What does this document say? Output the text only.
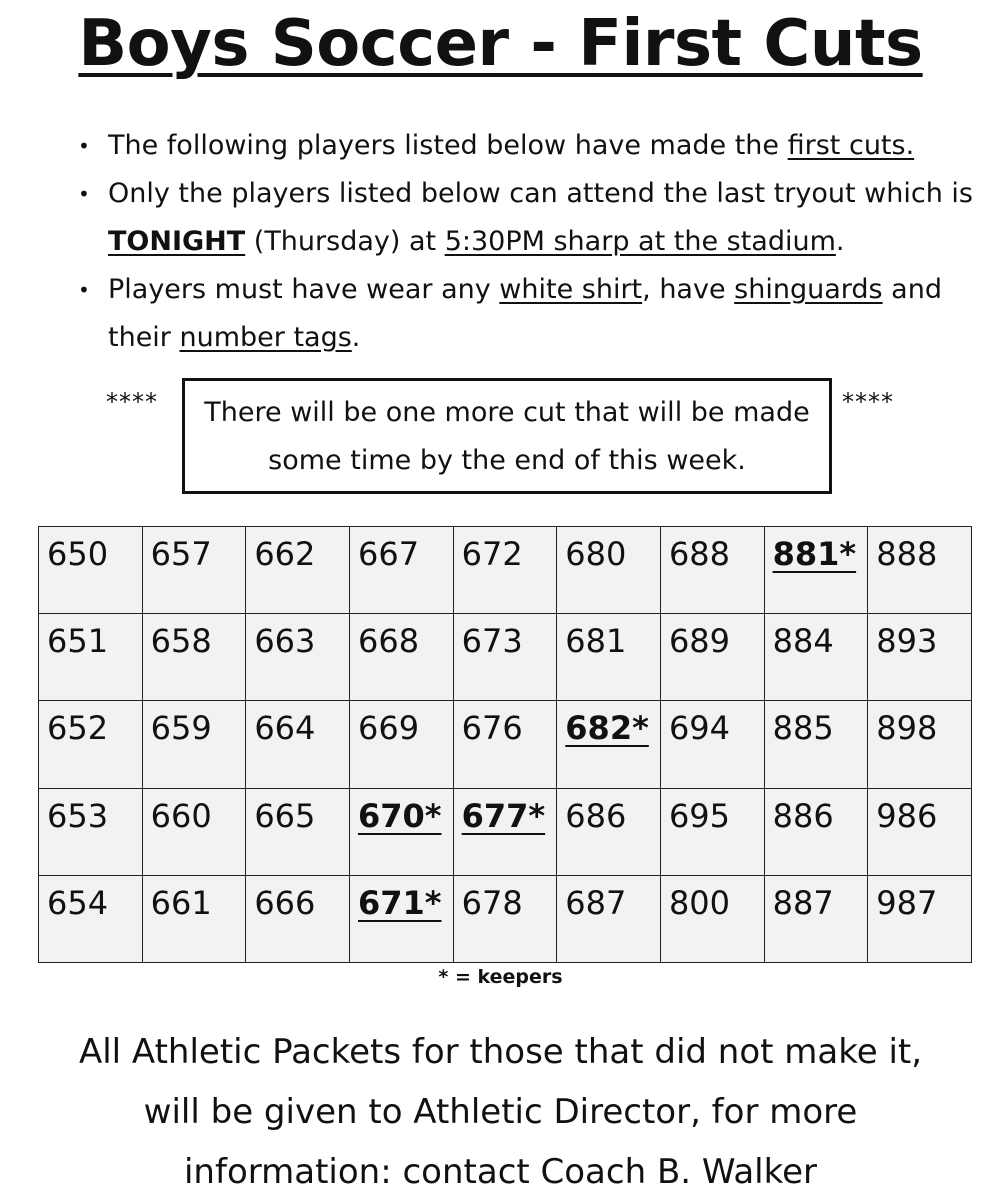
Boys Soccer - First Cuts
• The following players listed below have made the first cuts.
• Only the players listed below can attend the last tryout which is TONIGHT (Thursday) at 5:30PM sharp at the stadium.
• Players must have wear any white shirt, have shinguards and their number tags.
****	There will be one more cut that will be made
some time by the end of this week.
****
650	657	662	667	672	680	688	881*	888
651	658	663	668	673	681	689	884	893
652	659	664	669	676	682*	694	885	898
653	660	665	670*	677*	686	695	886	986
654	661	666	671*	678	687	800	887	987
* = keepers
All Athletic Packets for those that did not make it,
will be given to Athletic Director, for more
information: contact Coach B. Walker
